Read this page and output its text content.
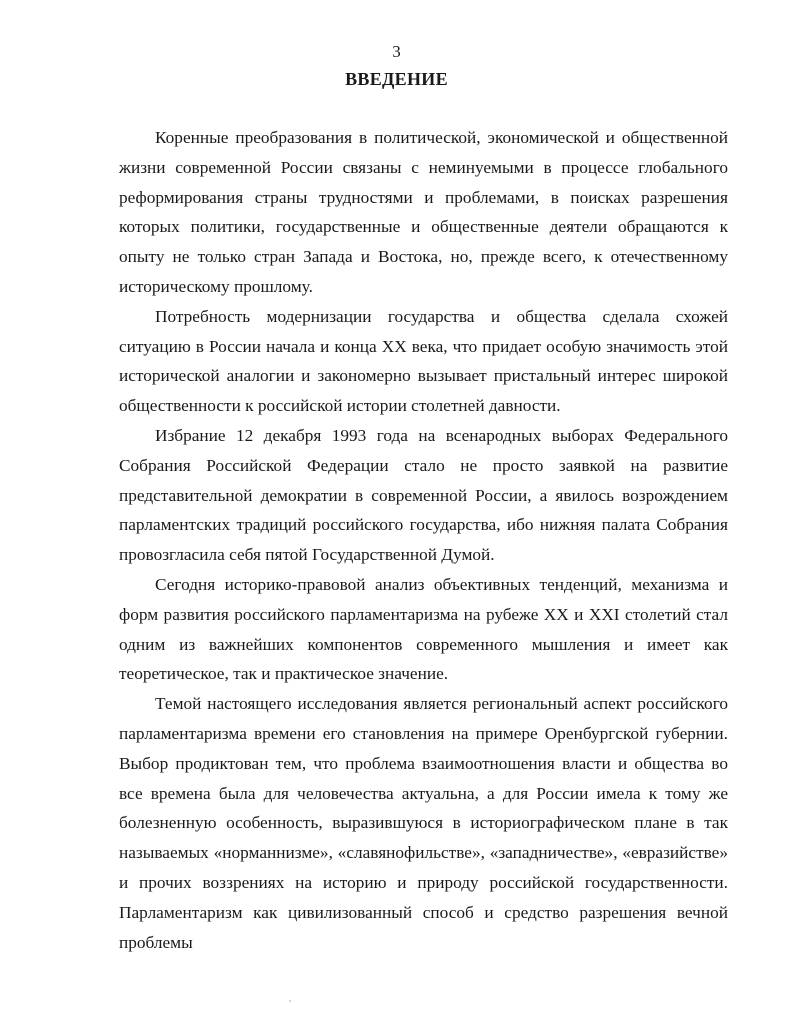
3
ВВЕДЕНИЕ

Коренные преобразования в политической, экономической и общественной жизни современной России связаны с неминуемыми в процессе глобального реформирования страны трудностями и проблемами, в поисках разрешения которых политики, государственные и общественные деятели обращаются к опыту не только стран Запада и Востока, но, прежде всего, к отечественному историческому прошлому.

Потребность модернизации государства и общества сделала схожей ситуацию в России начала и конца XX века, что придает особую значимость этой исторической аналогии и закономерно вызывает пристальный интерес широкой общественности к российской истории столетней давности.

Избрание 12 декабря 1993 года на всенародных выборах Федерального Собрания Российской Федерации стало не просто заявкой на развитие представительной демократии в современной России, а явилось возрождением парламентских традиций российского государства, ибо нижняя палата Собрания провозгласила себя пятой Государственной Думой.

Сегодня историко-правовой анализ объективных тенденций, механизма и форм развития российского парламентаризма на рубеже XX и XXI столетий стал одним из важнейших компонентов современного мышления и имеет как теоретическое, так и практическое значение.

Темой настоящего исследования является региональный аспект российского парламентаризма времени его становления на примере Оренбургской губернии. Выбор продиктован тем, что проблема взаимоотношения власти и общества во все времена была для человечества актуальна, а для России имела к тому же болезненную особенность, выразившуюся в историографическом плане в так называемых «норманнизме», «славянофильстве», «западничестве», «евразийстве» и прочих воззрениях на историю и природу российской государственности. Парламентаризм как цивилизованный способ и средство разрешения вечной проблемы
